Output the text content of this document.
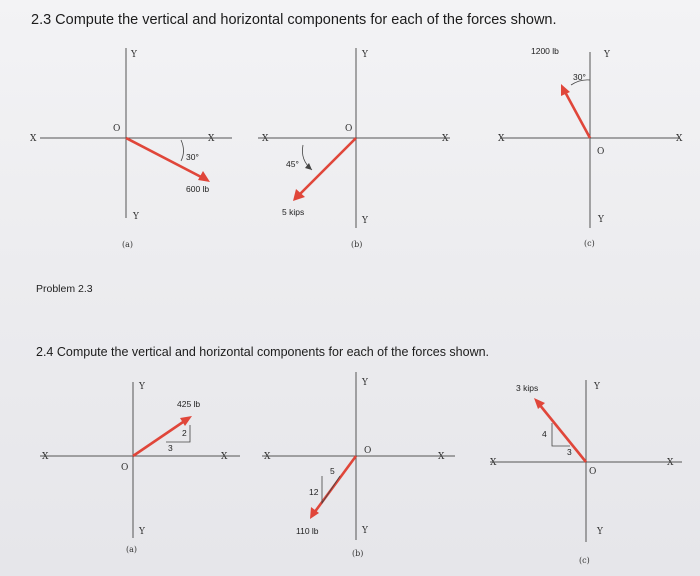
2.3 Compute the vertical and horizontal components for each of the forces shown.
Problem 2.3
2.4 Compute the vertical and horizontal components for each of the forces shown.
X	X
Y
Y
O
30°
600 lb
(a)
X	X
Y
Y
O
45°
5 kips
(b)
X	X
Y
Y
O
30°
1200 lb
(c)
X	X
Y
Y
O
2
3
425 lb
(a)
X	X
Y
Y
O
5
12
110 lb
(b)
X	X
Y
Y
O
4
3
3 kips
(c)
